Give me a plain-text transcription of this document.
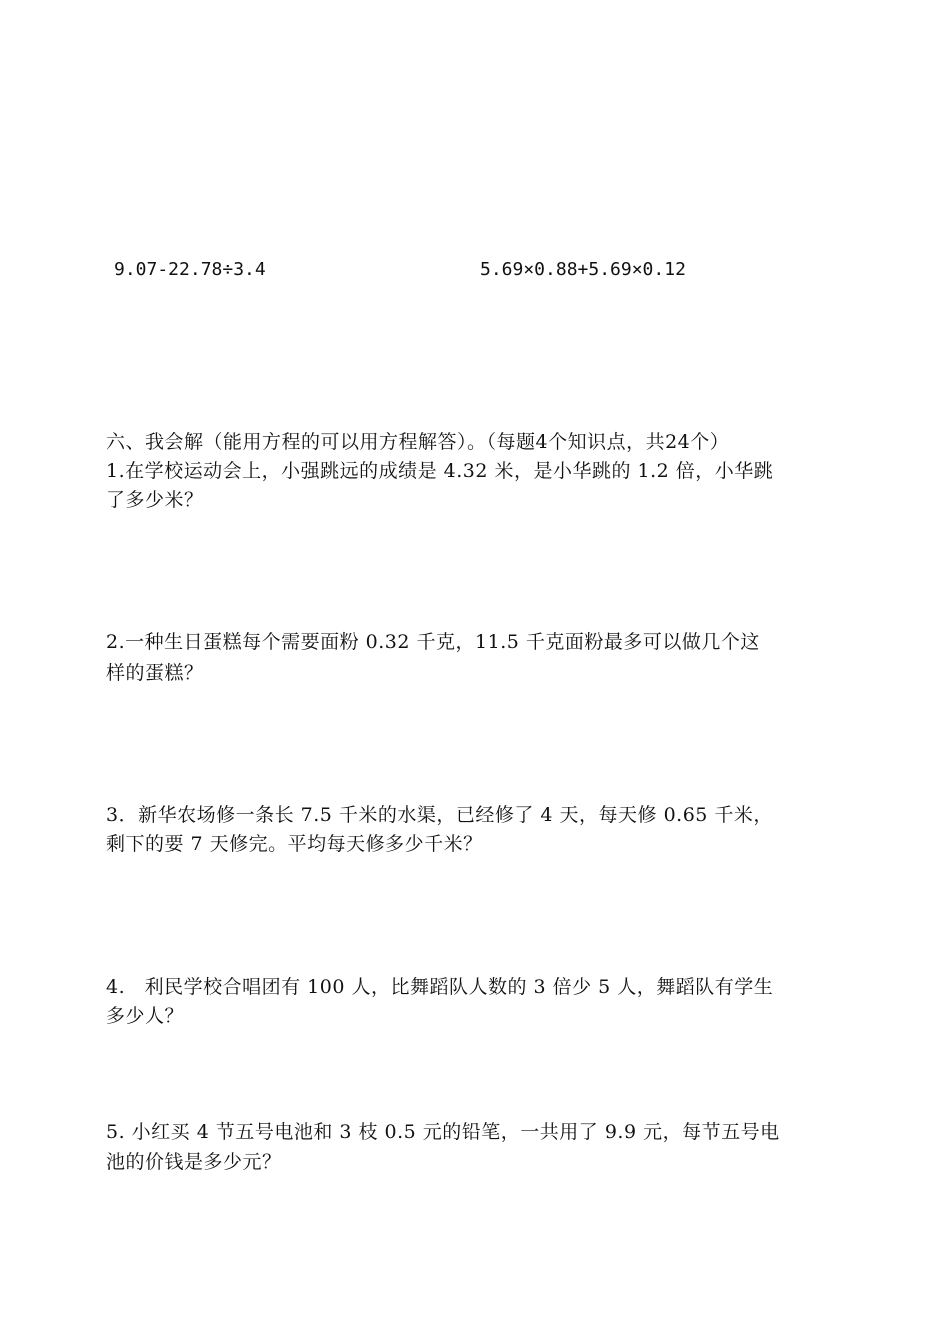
9.07-22.78÷3.4	5.69×0.88+5.69×0.12
六、我会解（能用方程的可以用方程解答）。（每题4个知识点，共24个）
1.在学校运动会上，小强跳远的成绩是 4.32 米，是小华跳的 1.2 倍，小华跳
了多少米？
2.一种生日蛋糕每个需要面粉 0.32 千克，11.5 千克面粉最多可以做几个这
样的蛋糕？
3．新华农场修一条长 7.5 千米的水渠，已经修了 4 天，每天修 0.65 千米，
剩下的要 7 天修完。平均每天修多少千米？
4.　利民学校合唱团有 100 人，比舞蹈队人数的 3 倍少 5 人，舞蹈队有学生
多少人？
5. 小红买 4 节五号电池和 3 枝 0.5 元的铅笔，一共用了 9.9 元，每节五号电
池的价钱是多少元？
